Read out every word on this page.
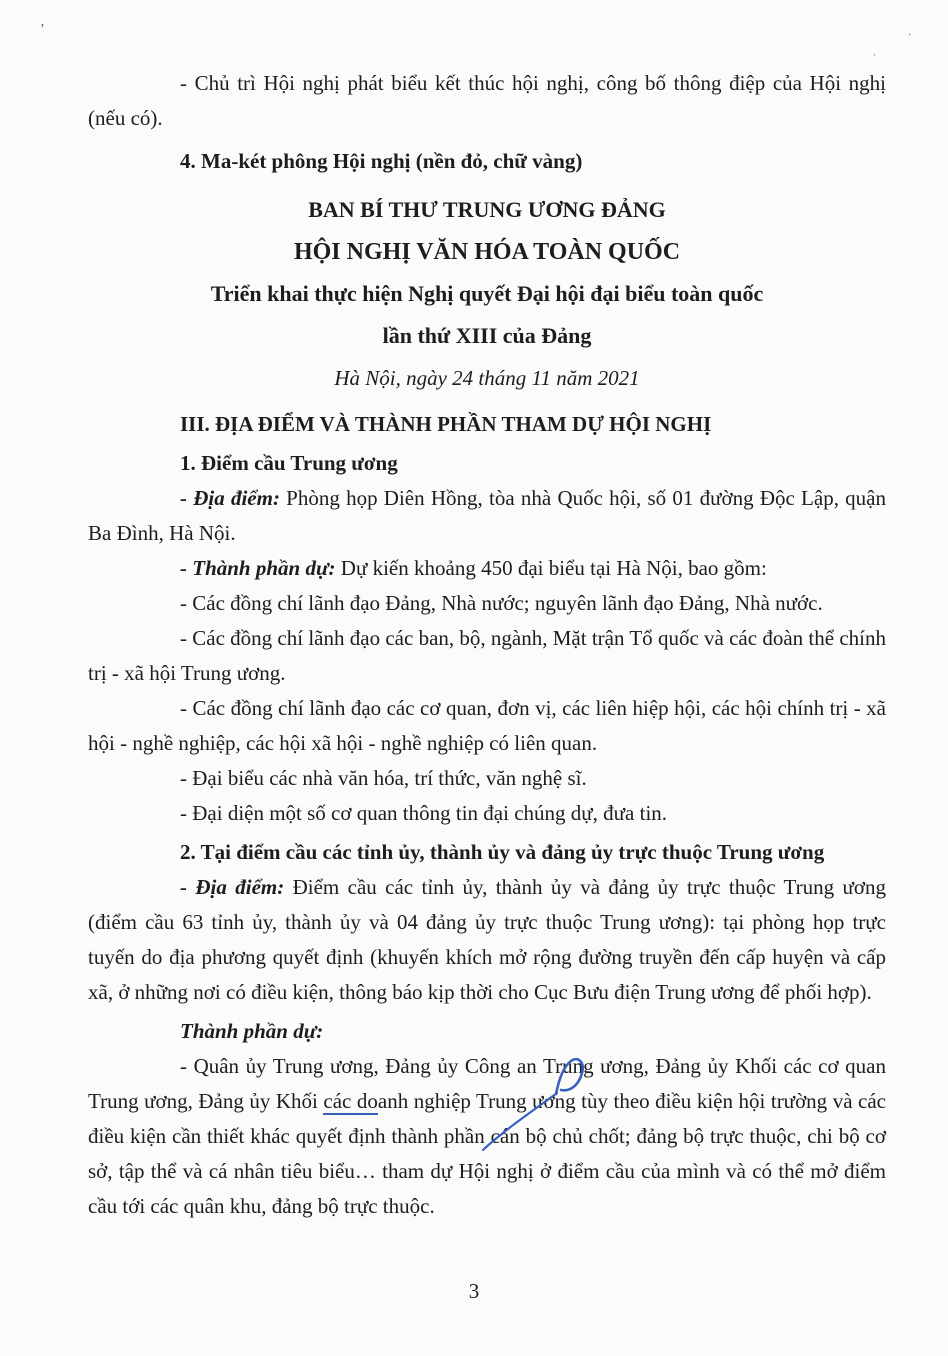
’	·
·

- Chủ trì Hội nghị phát biểu kết thúc hội nghị, công bố thông điệp của Hội nghị (nếu có).

4. Ma-két phông Hội nghị (nền đỏ, chữ vàng)

BAN BÍ THƯ TRUNG ƯƠNG ĐẢNG

HỘI NGHỊ VĂN HÓA TOÀN QUỐC

Triển khai thực hiện Nghị quyết Đại hội đại biểu toàn quốc

lần thứ XIII của Đảng

Hà Nội, ngày 24 tháng 11 năm 2021

III. ĐỊA ĐIỂM VÀ THÀNH PHẦN THAM DỰ HỘI NGHỊ

1. Điểm cầu Trung ương

- Địa điểm: Phòng họp Diên Hồng, tòa nhà Quốc hội, số 01 đường Độc Lập, quận Ba Đình, Hà Nội.

- Thành phần dự: Dự kiến khoảng 450 đại biểu tại Hà Nội, bao gồm:

- Các đồng chí lãnh đạo Đảng, Nhà nước; nguyên lãnh đạo Đảng, Nhà nước.

- Các đồng chí lãnh đạo các ban, bộ, ngành, Mặt trận Tổ quốc và các đoàn thể chính trị - xã hội Trung ương.

- Các đồng chí lãnh đạo các cơ quan, đơn vị, các liên hiệp hội, các hội chính trị - xã hội - nghề nghiệp, các hội xã hội - nghề nghiệp có liên quan.

- Đại biểu các nhà văn hóa, trí thức, văn nghệ sĩ.

- Đại diện một số cơ quan thông tin đại chúng dự, đưa tin.

2. Tại điểm cầu các tỉnh ủy, thành ủy và đảng ủy trực thuộc Trung ương

- Địa điểm: Điểm cầu các tỉnh ủy, thành ủy và đảng ủy trực thuộc Trung ương (điểm cầu 63 tỉnh ủy, thành ủy và 04 đảng ủy trực thuộc Trung ương): tại phòng họp trực tuyến do địa phương quyết định (khuyến khích mở rộng đường truyền đến cấp huyện và cấp xã, ở những nơi có điều kiện, thông báo kịp thời cho Cục Bưu điện Trung ương để phối hợp).

Thành phần dự:

- Quân ủy Trung ương, Đảng ủy Công an Trung ương, Đảng ủy Khối các cơ quan Trung ương, Đảng ủy Khối các doanh nghiệp Trung ương tùy theo điều kiện hội trường và các điều kiện cần thiết khác quyết định thành phần cán bộ chủ chốt; đảng bộ trực thuộc, chi bộ cơ sở, tập thể và cá nhân tiêu biểu… tham dự Hội nghị ở điểm cầu của mình và có thể mở điểm cầu tới các quân khu, đảng bộ trực thuộc.

3
